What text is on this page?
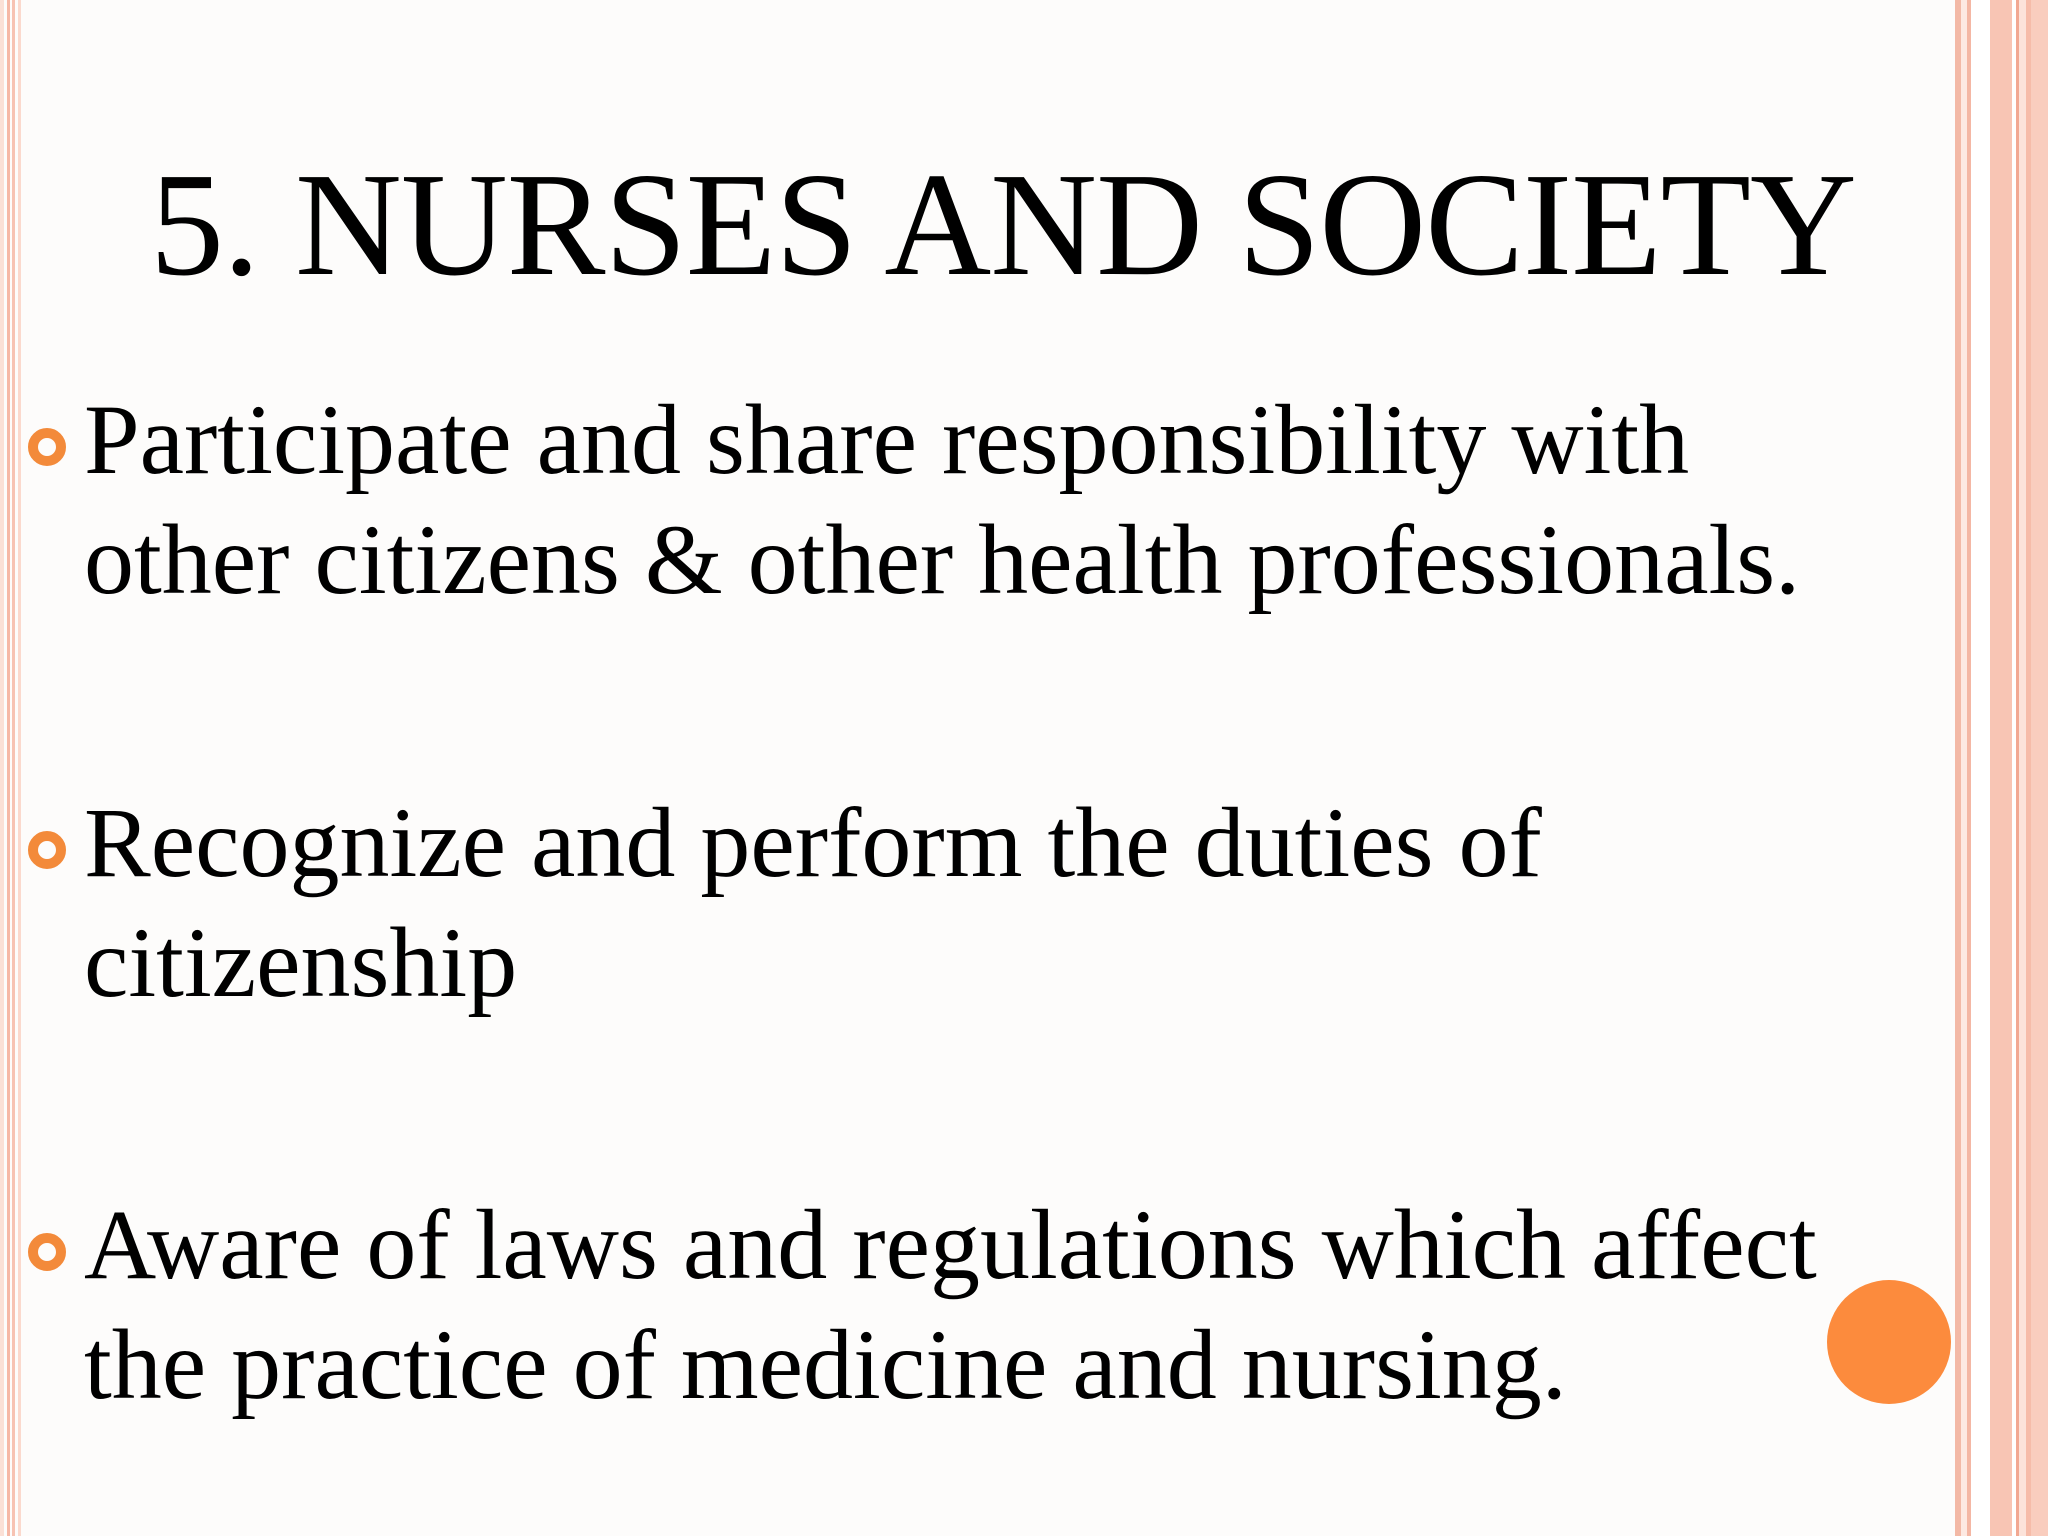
5. NURSES AND SOCIETY

Participate and share responsibility with
other citizens & other health professionals.

Recognize and perform the duties of
citizenship

Aware of laws and regulations which affect
the practice of medicine and nursing.
